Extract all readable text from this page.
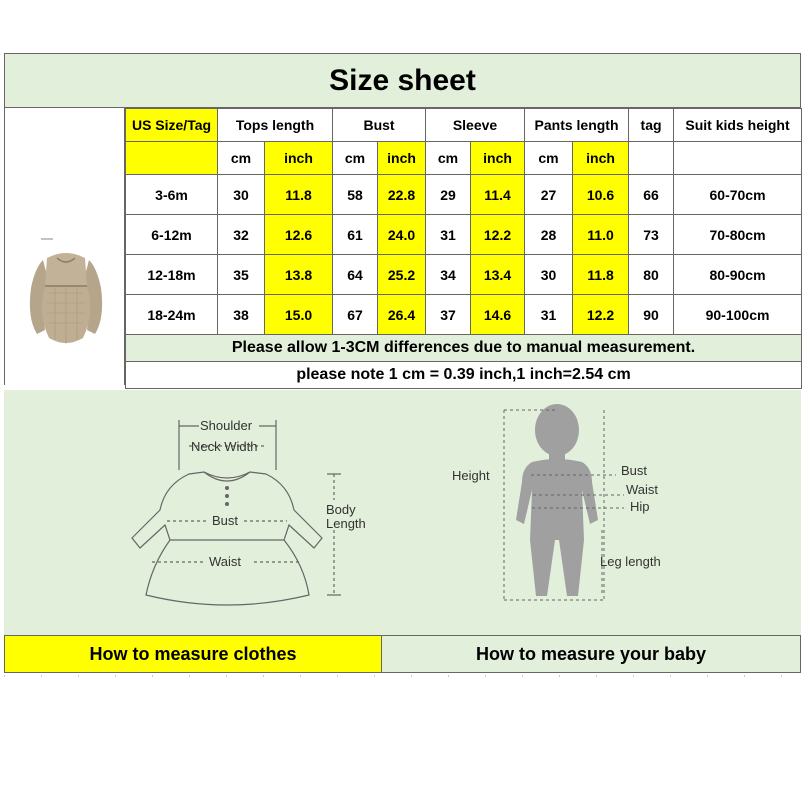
Size sheet
US Size/Tag	Tops length		Bust		Sleeve		Pants length		tag	Suit kids height
	cm	inch	cm	inch	cm	inch	cm	inch		
3-6m	30	11.8	58	22.8	29	11.4	27	10.6	66	60-70cm
6-12m	32	12.6	61	24.0	31	12.2	28	11.0	73	70-80cm
12-18m	35	13.8	64	25.2	34	13.4	30	11.8	80	80-90cm
18-24m	38	15.0	67	26.4	37	14.6	31	12.2	90	90-100cm
Please allow 1-3CM differences due to manual measurement.										
please note 1 cm = 0.39 inch,1 inch=2.54 cm										
Shoulder
Neck Width
Bust
Waist
Body
Length
Height	Bust
Waist
Hip
Leg length
How to measure clothes	How to measure your baby
